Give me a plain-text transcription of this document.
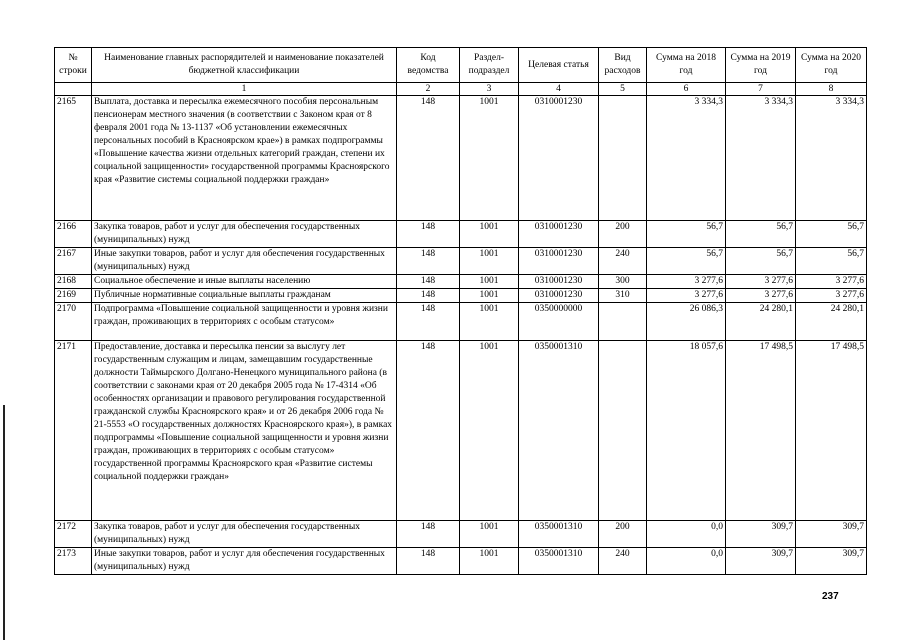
№ строки	Наименование главных распорядителей и наименование показателей бюджетной классификации	Код ведомства	Раздел-подраздел	Целевая статья	Вид расходов	Сумма на 2018 год	Сумма на 2019 год	Сумма на 2020 год
	1	2	3	4	5	6	7	8
2165	Выплата, доставка и пересылка ежемесячного пособия персональным пенсионерам местного значения (в соответствии с Законом края от 8 февраля 2001 года № 13-1137 «Об установлении ежемесячных персональных пособий в Красноярском крае») в рамках подпрограммы «Повышение качества жизни отдельных категорий граждан, степени их социальной защищенности» государственной программы Красноярского края «Развитие системы социальной поддержки граждан»	148	1001	0310001230		3 334,3	3 334,3	3 334,3
2166	Закупка товаров, работ и услуг для обеспечения государственных (муниципальных) нужд	148	1001	0310001230	200	56,7	56,7	56,7
2167	Иные закупки товаров, работ и услуг для обеспечения государственных (муниципальных) нужд	148	1001	0310001230	240	56,7	56,7	56,7
2168	Социальное обеспечение и иные выплаты населению	148	1001	0310001230	300	3 277,6	3 277,6	3 277,6
2169	Публичные нормативные социальные выплаты гражданам	148	1001	0310001230	310	3 277,6	3 277,6	3 277,6
2170	Подпрограмма «Повышение социальной защищенности и уровня жизни граждан, проживающих в территориях с особым статусом»	148	1001	0350000000		26 086,3	24 280,1	24 280,1
2171	Предоставление, доставка и пересылка пенсии за выслугу лет государственным служащим и лицам, замещавшим государственные должности Таймырского Долгано-Ненецкого муниципального района (в соответствии с законами края от 20 декабря 2005 года № 17-4314 «Об особенностях организации и правового регулирования государственной гражданской службы Красноярского края» и от 26 декабря 2006 года № 21-5553 «О государственных должностях Красноярского края»), в рамках подпрограммы «Повышение социальной защищенности и уровня жизни граждан, проживающих в территориях с особым статусом» государственной программы Красноярского края «Развитие системы социальной поддержки граждан»	148	1001	0350001310		18 057,6	17 498,5	17 498,5
2172	Закупка товаров, работ и услуг для обеспечения государственных (муниципальных) нужд	148	1001	0350001310	200	0,0	309,7	309,7
2173	Иные закупки товаров, работ и услуг для обеспечения государственных (муниципальных) нужд	148	1001	0350001310	240	0,0	309,7	309,7
237
